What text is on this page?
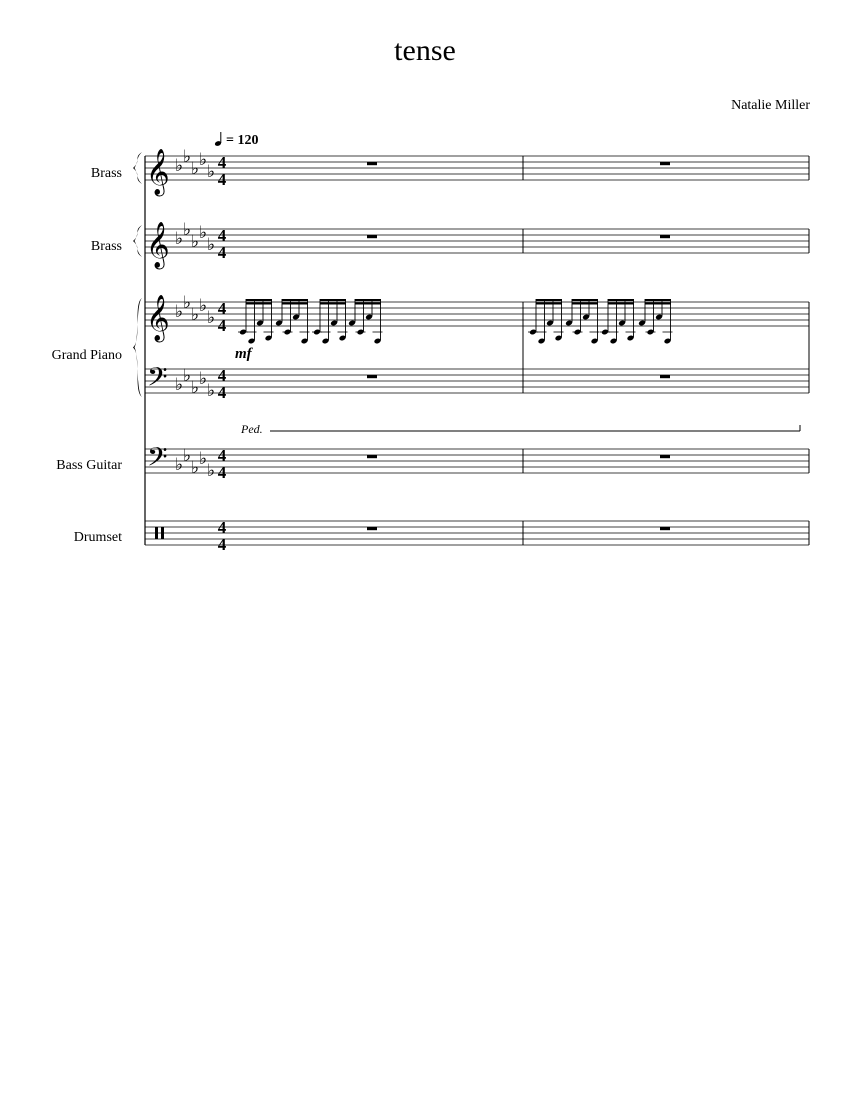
tense
Natalie Miller
= 120
Brass
Brass
Grand Piano
Bass Guitar
Drumset
𝄞 ♭ ♭
♭ ♭
♭
𝄞 ♭ ♭
♭ ♭
♭
𝄞 ♭ ♭
♭ ♭
♭
𝄢 ♭ ♭
♭ ♭
♭
𝄢 ♭ ♭
♭ ♭
♭
mf
Ped.
4
4
4
4
4
4
4
4
4
4
4
4
